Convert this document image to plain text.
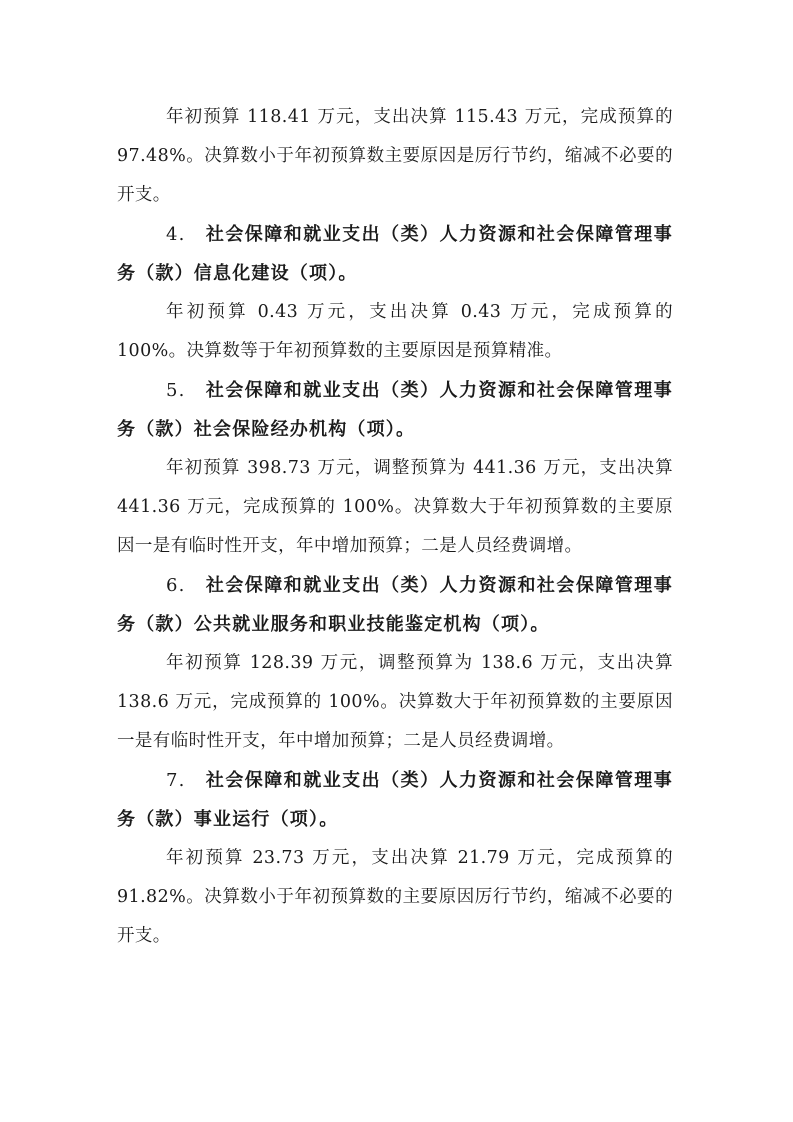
年初预算 118.41 万元，支出决算 115.43 万元，完成预算的 97.48%。决算数小于年初预算数主要原因是厉行节约，缩减不必要的开支。

4. 社会保障和就业支出（类）人力资源和社会保障管理事务（款）信息化建设（项）。

年初预算 0.43 万元，支出决算 0.43 万元，完成预算的100%。决算数等于年初预算数的主要原因是预算精准。

5. 社会保障和就业支出（类）人力资源和社会保障管理事务（款）社会保险经办机构（项）。

年初预算 398.73 万元，调整预算为 441.36 万元，支出决算 441.36 万元，完成预算的 100%。决算数大于年初预算数的主要原因一是有临时性开支，年中增加预算；二是人员经费调增。

6. 社会保障和就业支出（类）人力资源和社会保障管理事务（款）公共就业服务和职业技能鉴定机构（项）。

年初预算 128.39 万元，调整预算为 138.6 万元，支出决算 138.6 万元，完成预算的 100%。决算数大于年初预算数的主要原因一是有临时性开支，年中增加预算；二是人员经费调增。

7. 社会保障和就业支出（类）人力资源和社会保障管理事务（款）事业运行（项）。

年初预算 23.73 万元，支出决算 21.79 万元，完成预算的 91.82%。决算数小于年初预算数的主要原因厉行节约，缩减不必要的开支。
